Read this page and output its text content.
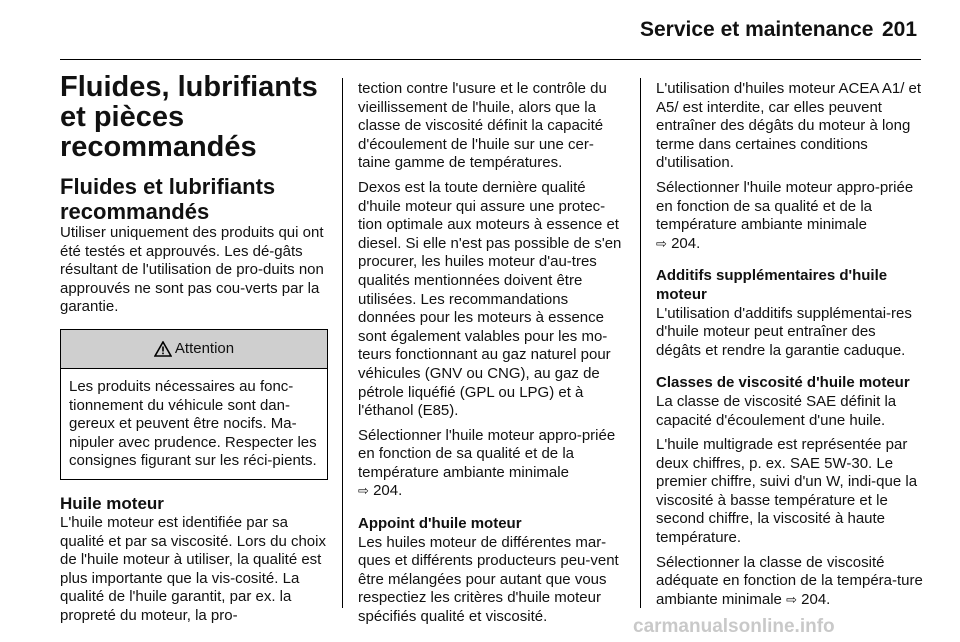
Service et maintenance 201
Fluides, lubrifiants et pièces recommandés
Fluides et lubrifiants recommandés

Utiliser uniquement des produits qui ont été testés et approuvés. Les dé-gâts résultant de l'utilisation de pro-duits non approuvés ne sont pas cou-verts par la garantie.

Attention
Les produits nécessaires au fonc-tionnement du véhicule sont dan-gereux et peuvent être nocifs. Ma-nipuler avec prudence. Respecter les consignes figurant sur les réci-pients.
Huile moteur

L'huile moteur est identifiée par sa qualité et par sa viscosité. Lors du choix de l'huile moteur à utiliser, la qualité est plus importante que la vis-cosité. La qualité de l'huile garantit, par ex. la propreté du moteur, la pro-

tection contre l'usure et le contrôle du vieillissement de l'huile, alors que la classe de viscosité définit la capacité d'écoulement de l'huile sur une cer-taine gamme de températures.

Dexos est la toute dernière qualité d'huile moteur qui assure une protec-tion optimale aux moteurs à essence et diesel. Si elle n'est pas possible de s'en procurer, les huiles moteur d'au-tres qualités mentionnées doivent être utilisées. Les recommandations données pour les moteurs à essence sont également valables pour les mo-teurs fonctionnant au gaz naturel pour véhicules (GNV ou CNG), au gaz de pétrole liquéfié (GPL ou LPG) et à l'éthanol (E85).

Sélectionner l'huile moteur appro-priée en fonction de sa qualité et de la température ambiante minimale
⇨ 204.

Appoint d'huile moteur

Les huiles moteur de différentes mar-ques et différents producteurs peu-vent être mélangées pour autant que vous respectiez les critères d'huile moteur spécifiés qualité et viscosité.

L'utilisation d'huiles moteur ACEA A1/ et A5/ est interdite, car elles peuvent entraîner des dégâts du moteur à long terme dans certaines conditions d'utilisation.

Sélectionner l'huile moteur appro-priée en fonction de sa qualité et de la température ambiante minimale
⇨ 204.

Additifs supplémentaires d'huile moteur

L'utilisation d'additifs supplémentai-res d'huile moteur peut entraîner des dégâts et rendre la garantie caduque.

Classes de viscosité d'huile moteur

La classe de viscosité SAE définit la capacité d'écoulement d'une huile.

L'huile multigrade est représentée par deux chiffres, p. ex. SAE 5W-30. Le premier chiffre, suivi d'un W, indi-que la viscosité à basse température et le second chiffre, la viscosité à haute température.

Sélectionner la classe de viscosité adéquate en fonction de la tempéra-ture ambiante minimale ⇨ 204.

carmanualsonline.info
